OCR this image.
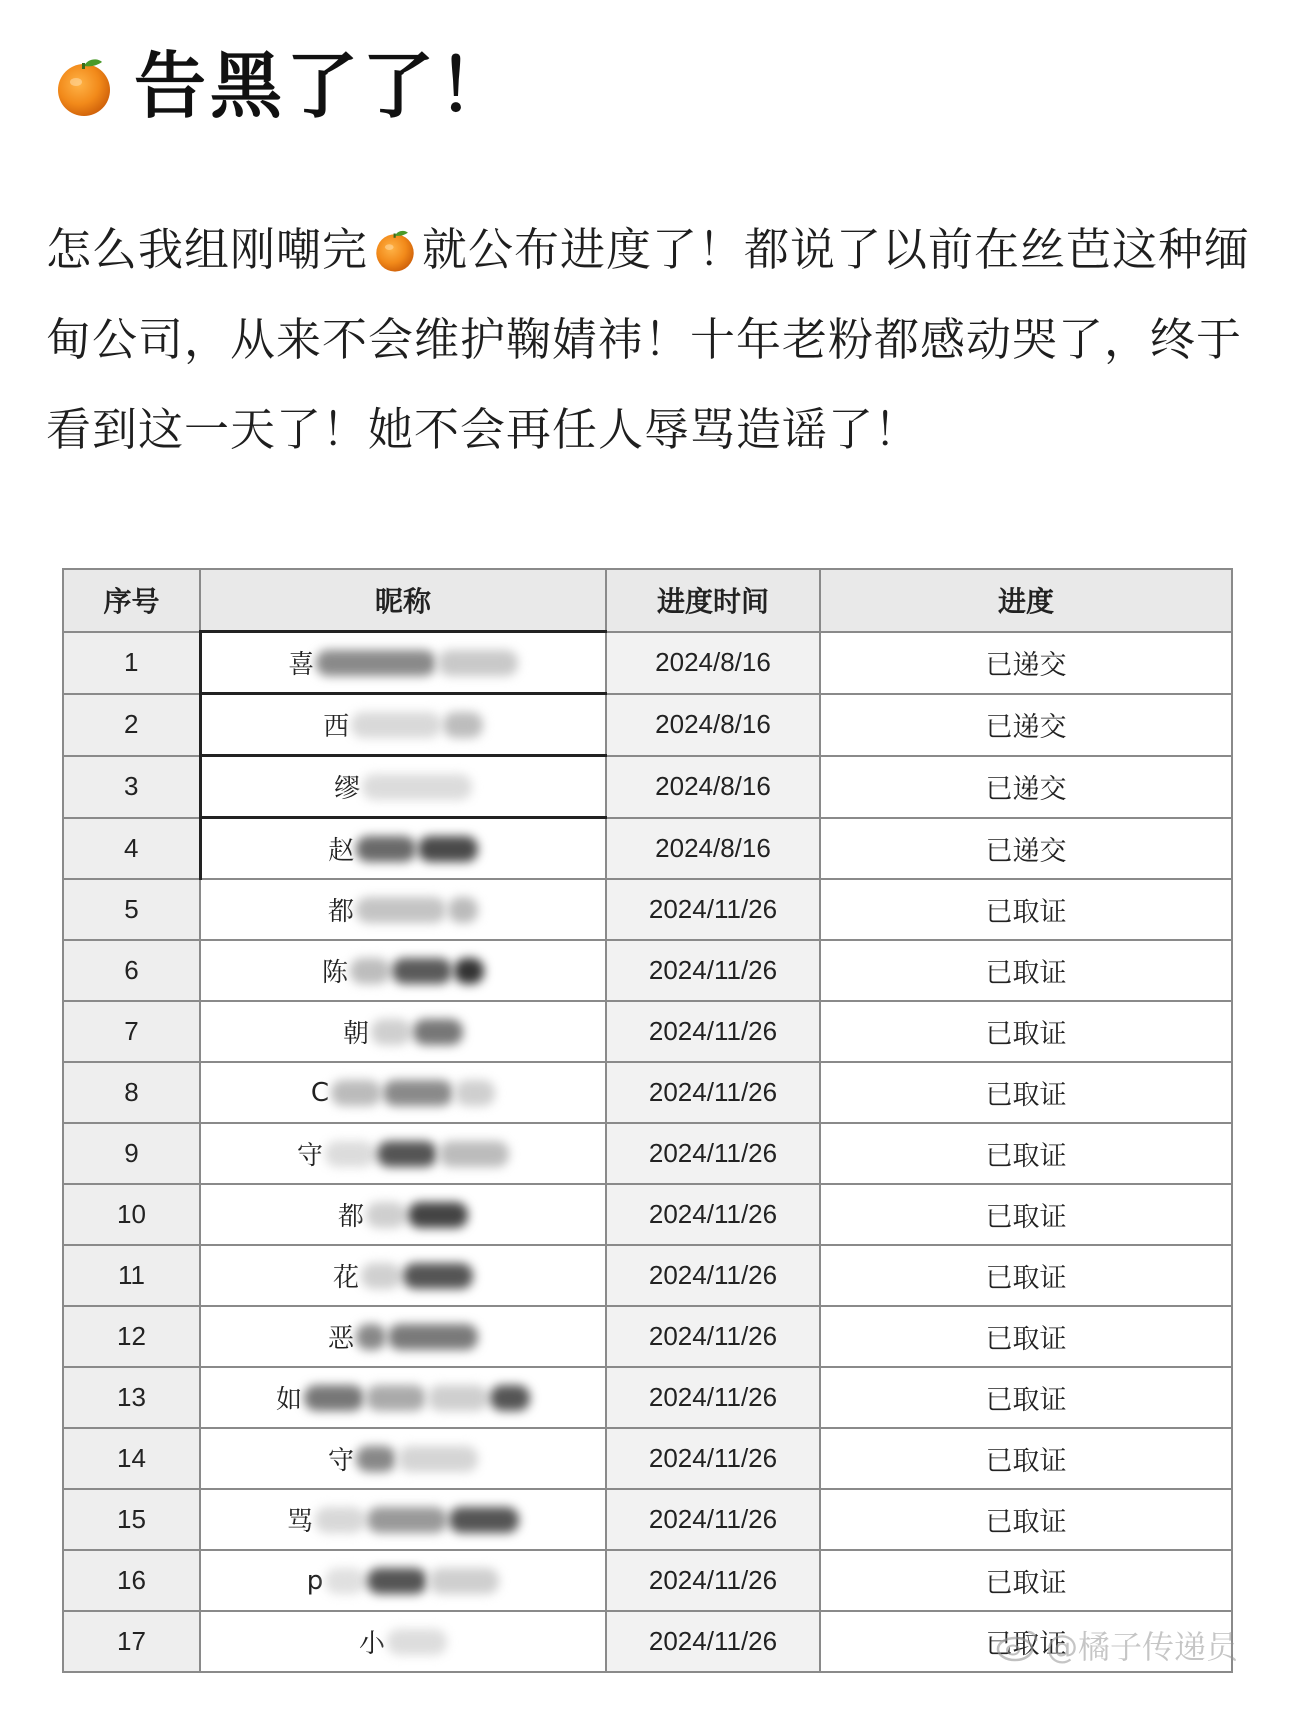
告黑了了！
怎么我组刚嘲完 就公布进度了！都说了以前在丝芭这种缅甸公司，从来不会维护鞠婧祎！十年老粉都感动哭了，终于看到这一天了！她不会再任人辱骂造谣了！
序号	昵称	进度时间	进度
1	喜	2024/8/16	已递交
2	西	2024/8/16	已递交
3	缪	2024/8/16	已递交
4	赵	2024/8/16	已递交
5	都	2024/11/26	已取证
6	陈	2024/11/26	已取证
7	朝	2024/11/26	已取证
8	C	2024/11/26	已取证
9	守	2024/11/26	已取证
10	都	2024/11/26	已取证
11	花	2024/11/26	已取证
12	恶	2024/11/26	已取证
13	如	2024/11/26	已取证
14	守	2024/11/26	已取证
15	骂	2024/11/26	已取证
16	p	2024/11/26	已取证
17	小	2024/11/26	已取证
@橘子传递员
